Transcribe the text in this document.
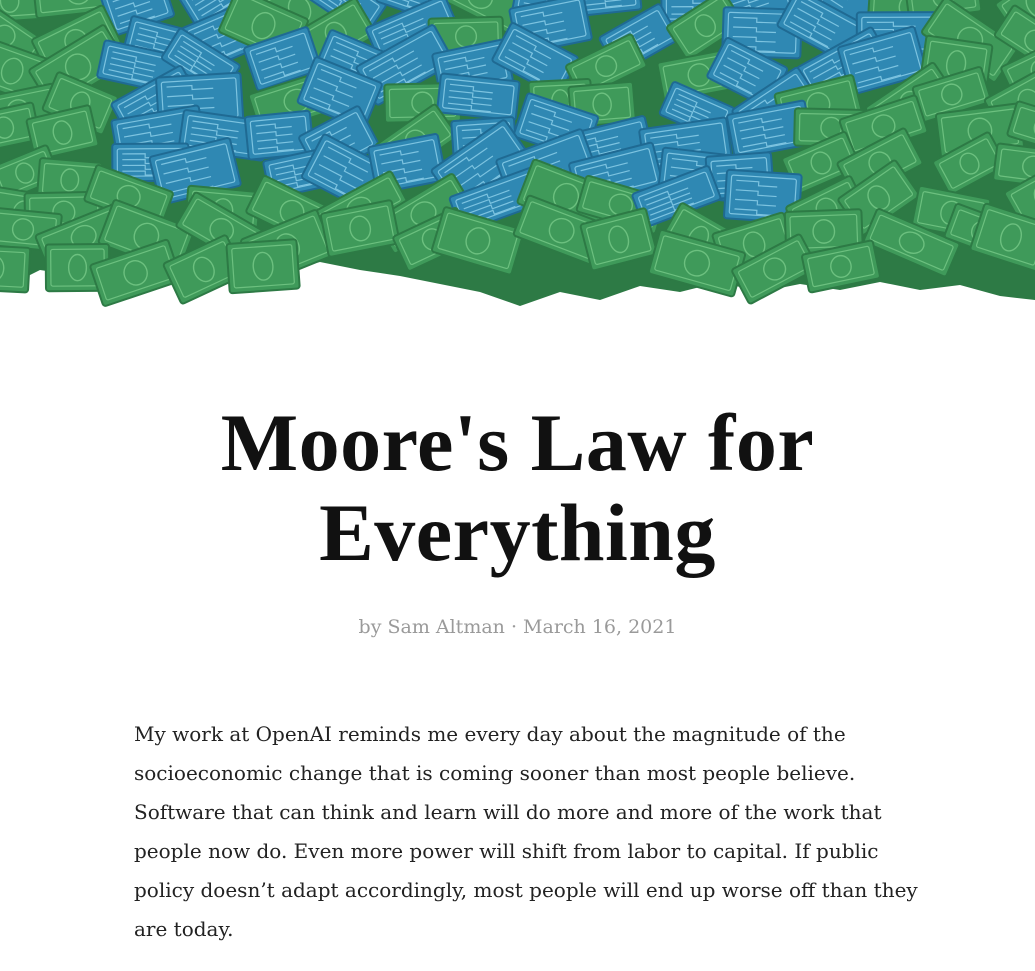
Moore's Law for
Everything
by Sam Altman · March 16, 2021

My work at OpenAI reminds me every day about the magnitude of the socioeconomic change that is coming sooner than most people believe. Software that can think and learn will do more and more of the work that people now do. Even more power will shift from labor to capital. If public policy doesn’t adapt accordingly, most people will end up worse off than they are today.
